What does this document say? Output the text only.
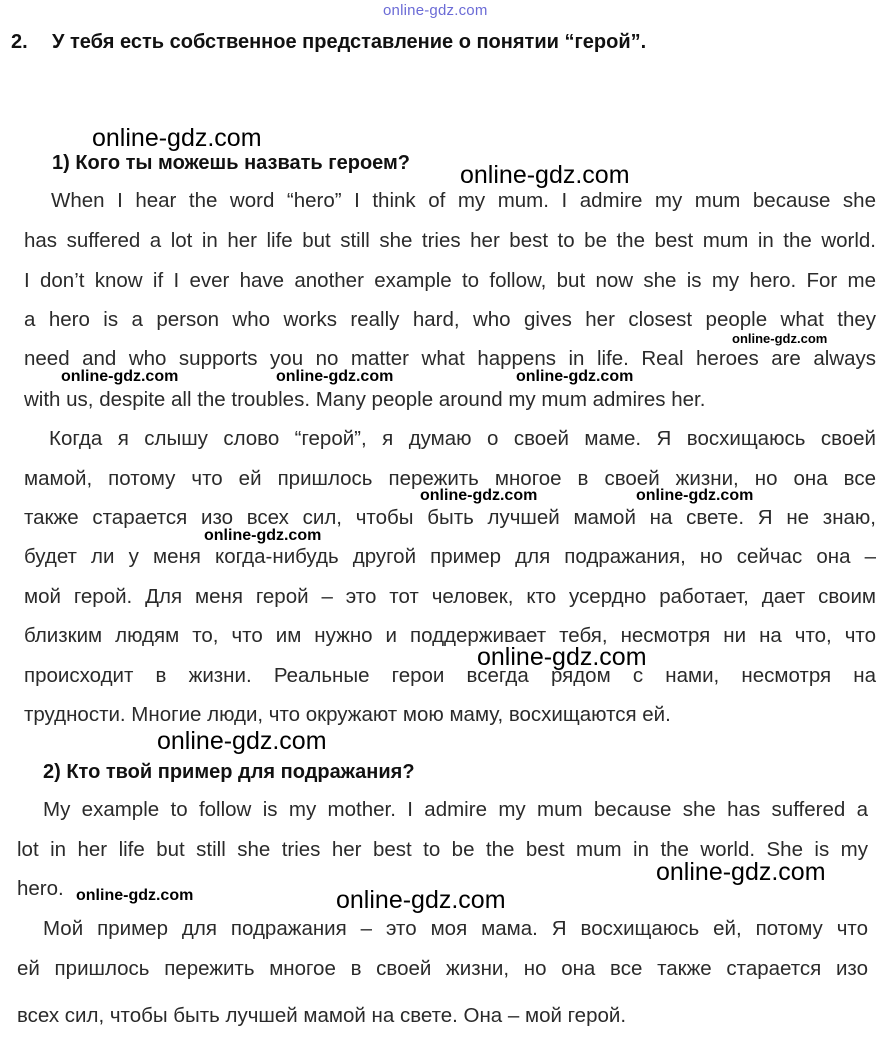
online-gdz.com
2. У тебя есть собственное представление о понятии “герой”.
1) Кого ты можешь назвать героем?
When I hear the word “hero” I think of my mum. I admire my mum because she
has suffered a lot in her life but still she tries her best to be the best mum in the world.
I don’t know if I ever have another example to follow, but now she is my hero. For me
a hero is a person who works really hard, who gives her closest people what they
need and who supports you no matter what happens in life. Real heroes are always
with us, despite all the troubles. Many people around my mum admires her.
Когда я слышу слово “герой”, я думаю о своей маме. Я восхищаюсь своей
мамой, потому что ей пришлось пережить многое в своей жизни, но она все
также старается изо всех сил, чтобы быть лучшей мамой на свете. Я не знаю,
будет ли у меня когда-нибудь другой пример для подражания, но сейчас она –
мой герой. Для меня герой – это тот человек, кто усердно работает, дает своим
близким людям то, что им нужно и поддерживает тебя, несмотря ни на что, что
происходит в жизни. Реальные герои всегда рядом с нами, несмотря на
трудности. Многие люди, что окружают мою маму, восхищаются ей.
2) Кто твой пример для подражания?
My example to follow is my mother. I admire my mum because she has suffered a
lot in her life but still she tries her best to be the best mum in the world. She is my
hero.
Мой пример для подражания – это моя мама. Я восхищаюсь ей, потому что
ей пришлось пережить многое в своей жизни, но она все также старается изо
всех сил, чтобы быть лучшей мамой на свете. Она – мой герой.
online-gdz.com
online-gdz.com
online-gdz.com
online-gdz.com	online-gdz.com	online-gdz.com
online-gdz.com	online-gdz.com
online-gdz.com
online-gdz.com
online-gdz.com
online-gdz.com
online-gdz.com	online-gdz.com
